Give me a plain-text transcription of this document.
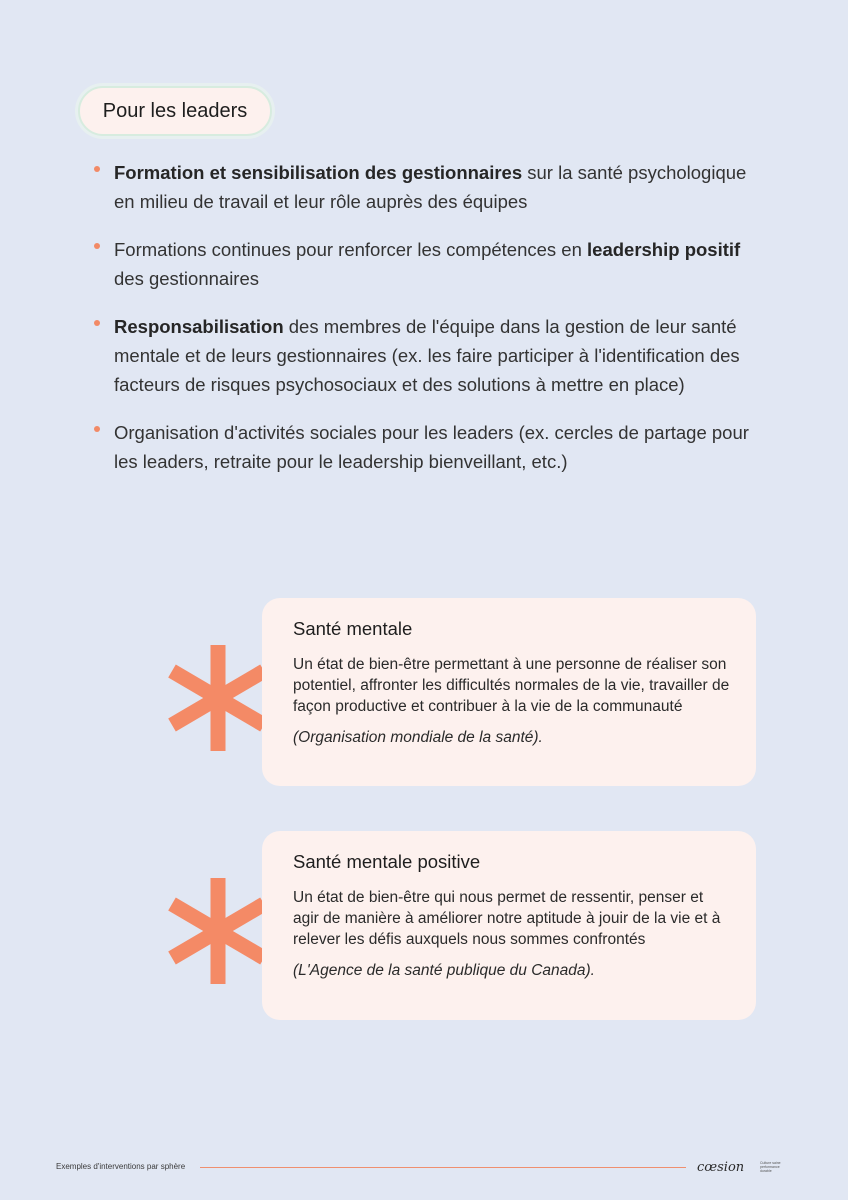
Pour les leaders
Formation et sensibilisation des gestionnaires sur la santé psychologique en milieu de travail et leur rôle auprès des équipes
Formations continues pour renforcer les compétences en leadership positif des gestionnaires
Responsabilisation des membres de l'équipe dans la gestion de leur santé mentale et de leurs gestionnaires (ex. les faire participer à l'identification des facteurs de risques psychosociaux et des solutions à mettre en place)
Organisation d'activités sociales pour les leaders (ex. cercles de partage pour les leaders, retraite pour le leadership bienveillant, etc.)
Santé mentale

Un état de bien-être permettant à une personne de réaliser son potentiel, affronter les difficultés normales de la vie, travailler de façon productive et contribuer à la vie de la communauté

(Organisation mondiale de la santé).

Santé mentale positive

Un état de bien-être qui nous permet de ressentir, penser et agir de manière à améliorer notre aptitude à jouir de la vie et à relever les défis auxquels nous sommes confrontés

(L'Agence de la santé publique du Canada).

Exemples d'interventions par sphère	cœsion	Culture saine performance durable
